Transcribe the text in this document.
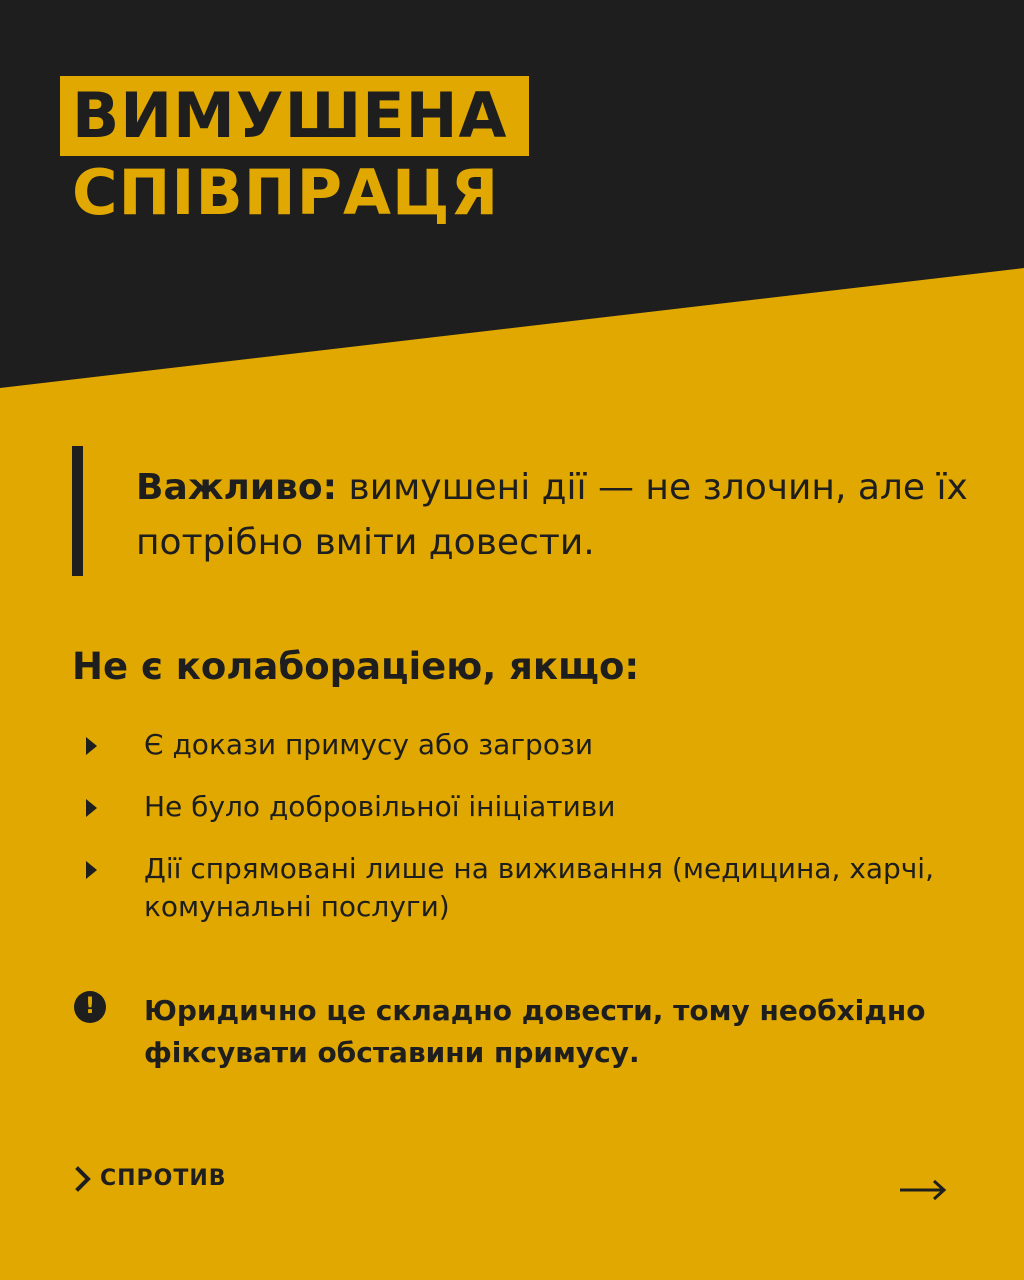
ВИМУШЕНА
СПІВПРАЦЯ
Важливо: вимушені дії — не злочин, але їх потрібно вміти довести.
Не є колабораціею, якщо:
Є докази примусу або загрози
Не було добровільної ініціативи
Дії спрямовані лише на виживання (медицина, харчі, комунальні послуги)
!	Юридично це складно довести, тому необхідно фіксувати обставини примусу.
СПРОТИВ
